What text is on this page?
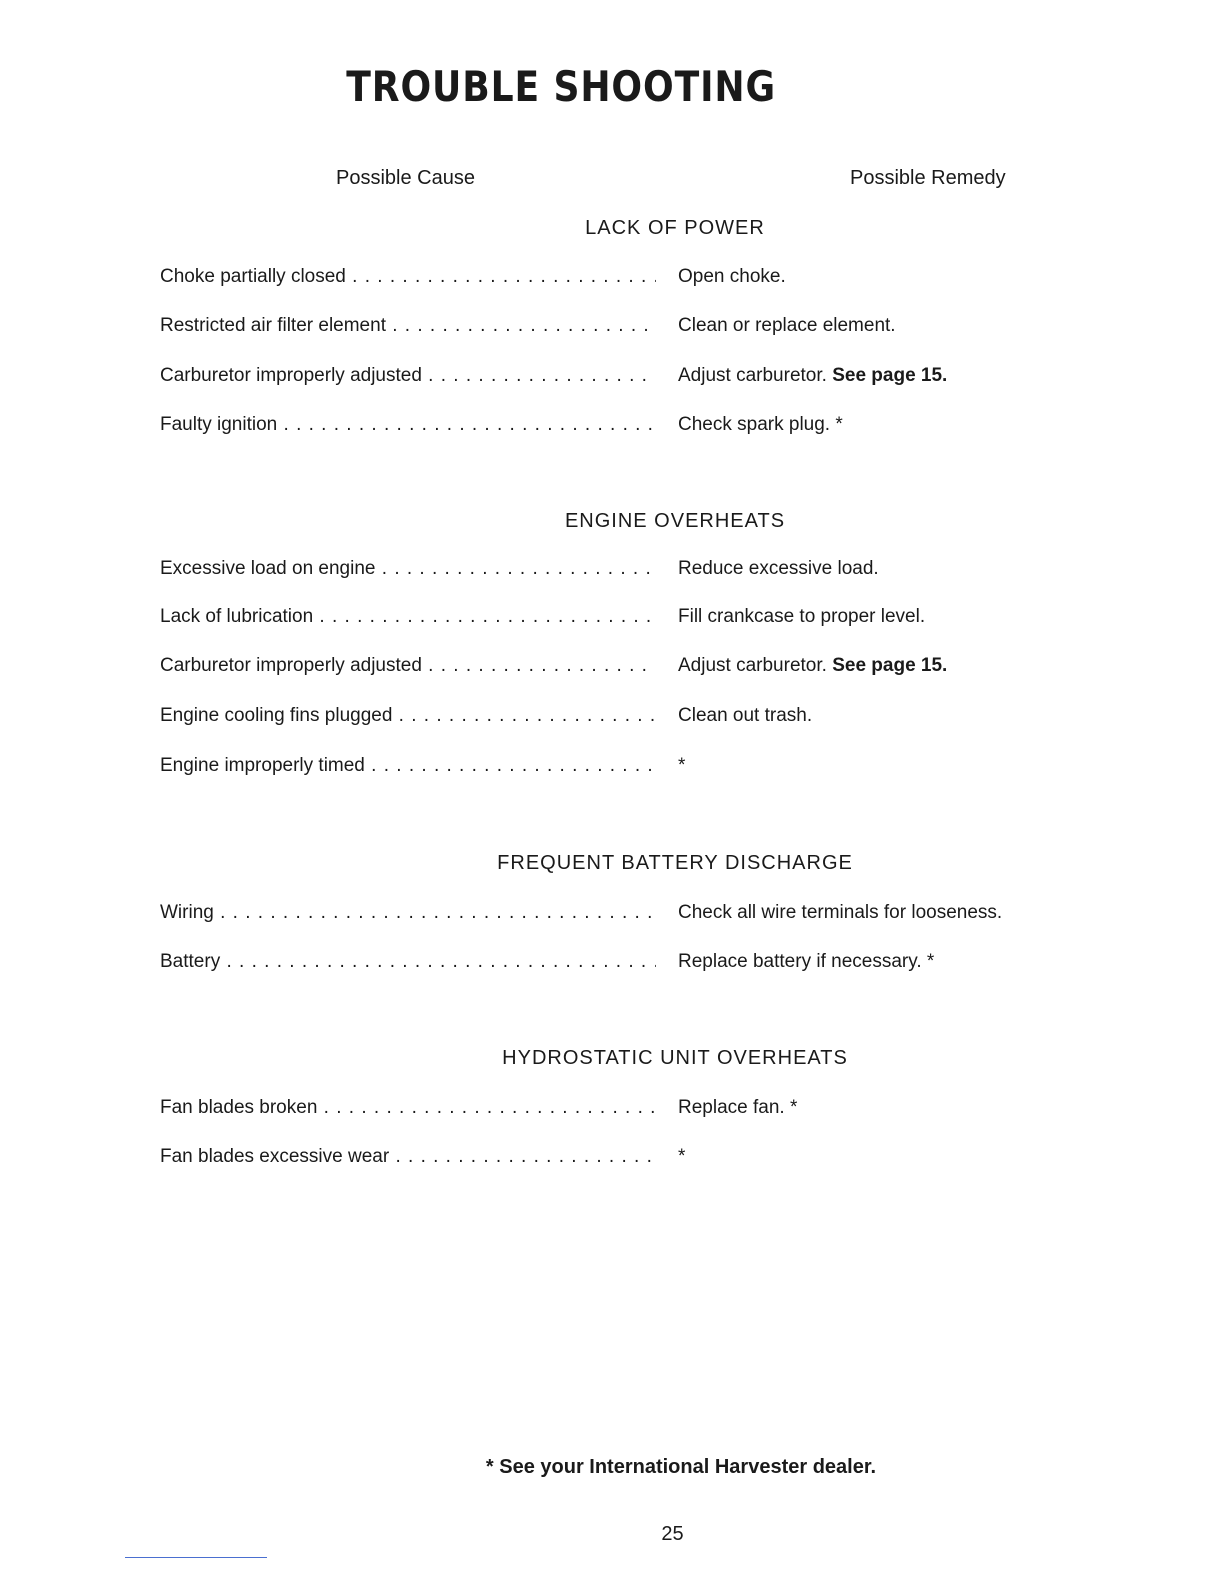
TROUBLE SHOOTING
Possible Cause	Possible Remedy
LACK OF POWER
Choke partially closed . . .	Open choke.
Restricted air filter element . . .	Clean or replace element.
Carburetor improperly adjusted . . .	Adjust carburetor. See page 15.
Faulty ignition . . .	Check spark plug. *
ENGINE OVERHEATS
Excessive load on engine . . .	Reduce excessive load.
Lack of lubrication . . .	Fill crankcase to proper level.
Carburetor improperly adjusted . . .	Adjust carburetor. See page 15.
Engine cooling fins plugged . . .	Clean out trash.
Engine improperly timed . . .	*
FREQUENT BATTERY DISCHARGE
Wiring . . .	Check all wire terminals for looseness.
Battery . . .	Replace battery if necessary. *
HYDROSTATIC UNIT OVERHEATS
Fan blades broken . . .	Replace fan. *
Fan blades excessive wear . . .	*
* See your International Harvester dealer.
25
